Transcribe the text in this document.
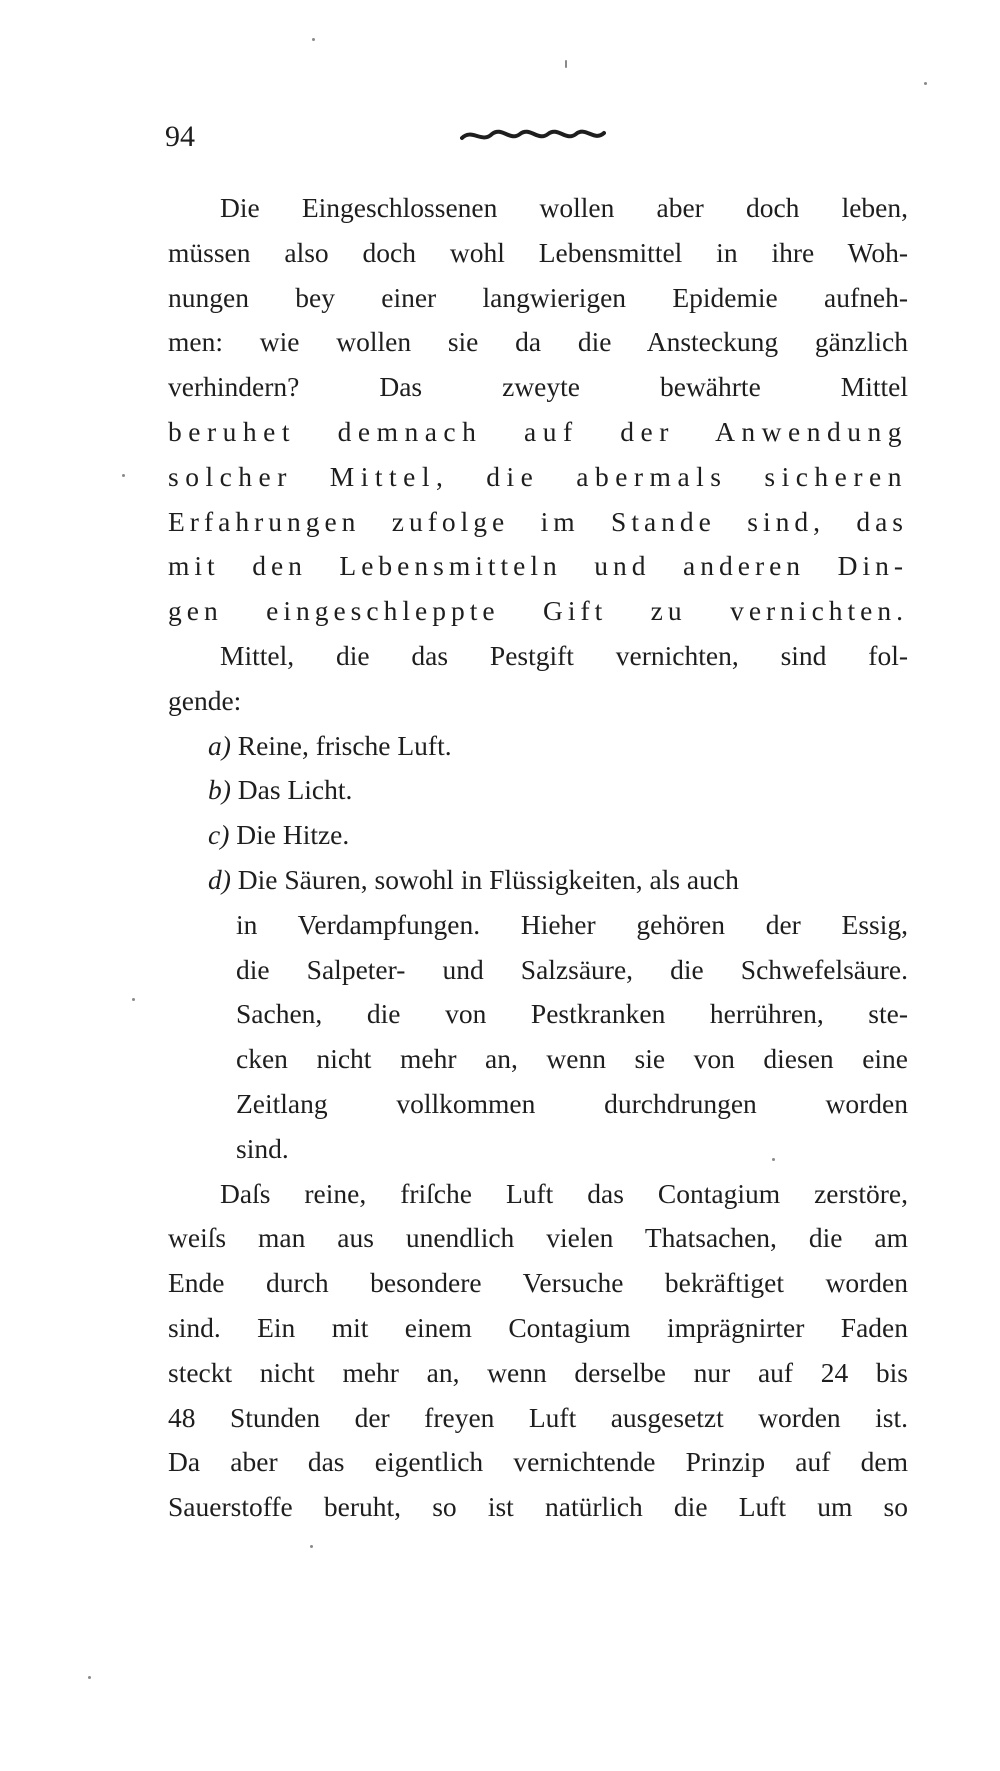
94
Die Eingeschlossenen wollen aber doch leben,
müssen also doch wohl Lebensmittel in ihre Woh-
nungen bey einer langwierigen Epidemie aufneh-
men: wie wollen sie da die Ansteckung gänzlich
verhindern? Das zweyte bewährte Mittel
beruhet demnach auf der Anwendung
solcher Mittel, die abermals sicheren
Erfahrungen zufolge im Stande sind, das
mit den Lebensmitteln und anderen Din-
gen eingeschleppte Gift zu vernichten.
Mittel, die das Pestgift vernichten, sind fol-
gende:
a) Reine, frische Luft.
b) Das Licht.
c) Die Hitze.
d) Die Säuren, sowohl in Flüssigkeiten, als auch
in Verdampfungen. Hieher gehören der Essig,
die Salpeter- und Salzsäure, die Schwefelsäure.
Sachen, die von Pestkranken herrühren, ste-
cken nicht mehr an, wenn sie von diesen eine
Zeitlang vollkommen durchdrungen worden
sind.
Daſs reine, friſche Luft das Contagium zerstöre,
weiſs man aus unendlich vielen Thatsachen, die am
Ende durch besondere Versuche bekräftiget worden
sind. Ein mit einem Contagium imprägnirter Faden
steckt nicht mehr an, wenn derselbe nur auf 24 bis
48 Stunden der freyen Luft ausgesetzt worden ist.
Da aber das eigentlich vernichtende Prinzip auf dem
Sauerstoffe beruht, so ist natürlich die Luft um so
